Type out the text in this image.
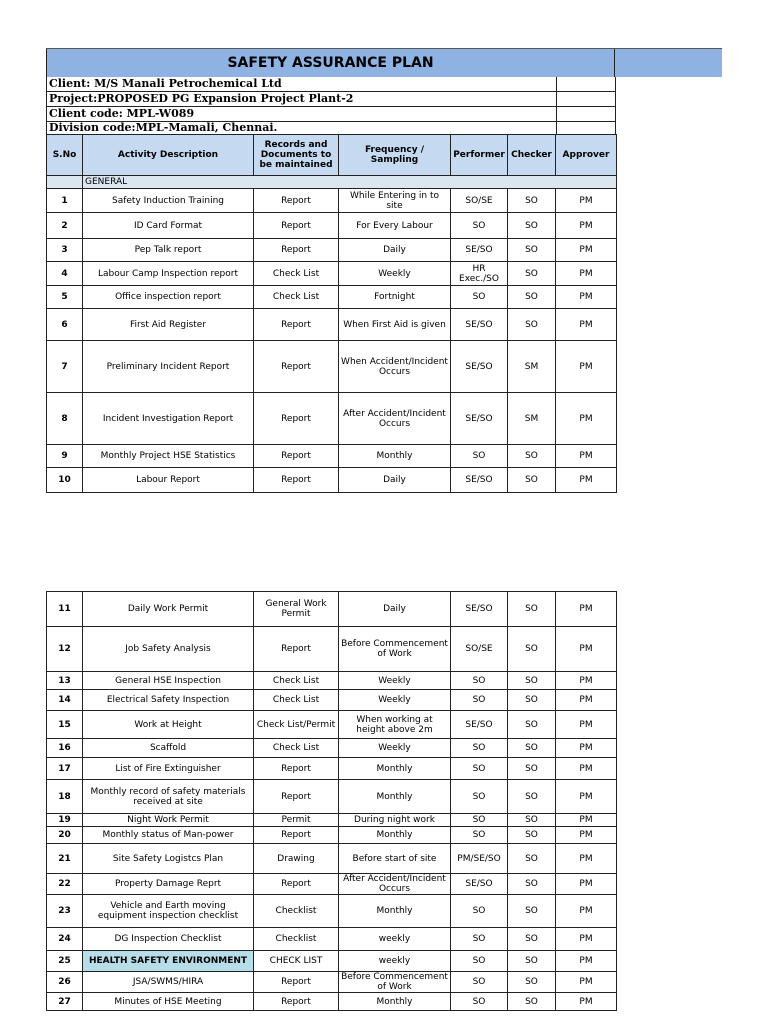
SAFETY ASSURANCE PLAN
Client: M/S Manali Petrochemical Ltd
Project:PROPOSED PG Expansion Project Plant-2
Client code: MPL-W089
Division code:MPL-Mamali, Chennai.
S.No	Activity Description	Records and Documents to be maintained	Frequency / Sampling	Performer	Checker	Approver
	GENERAL					
1	Safety Induction Training	Report	While Entering in to site	SO/SE	SO	PM
2	ID Card Format	Report	For Every Labour	SO	SO	PM
3	Pep Talk report	Report	Daily	SE/SO	SO	PM
4	Labour Camp Inspection report	Check List	Weekly	HR Exec./SO	SO	PM
5	Office inspection report	Check List	Fortnight	SO	SO	PM
6	First Aid Register	Report	When First Aid is given	SE/SO	SO	PM
7	Preliminary Incident Report	Report	When Accident/Incident Occurs	SE/SO	SM	PM
8	Incident Investigation Report	Report	After Accident/Incident Occurs	SE/SO	SM	PM
9	Monthly Project HSE Statistics	Report	Monthly	SO	SO	PM
10	Labour Report	Report	Daily	SE/SO	SO	PM
11	Daily Work Permit	General Work Permit	Daily	SE/SO	SO	PM
12	Job Safety Analysis	Report	Before Commencement of Work	SO/SE	SO	PM
13	General HSE Inspection	Check List	Weekly	SO	SO	PM
14	Electrical Safety Inspection	Check List	Weekly	SO	SO	PM
15	Work at Height	Check List/Permit	When working at height above 2m	SE/SO	SO	PM
16	Scaffold	Check List	Weekly	SO	SO	PM
17	List of Fire Extinguisher	Report	Monthly	SO	SO	PM
18	Monthly record of safety materials received at site	Report	Monthly	SO	SO	PM
19	Night Work Permit	Permit	During night work	SO	SO	PM
20	Monthly status of Man-power	Report	Monthly	SO	SO	PM
21	Site Safety Logistcs Plan	Drawing	Before start of site	PM/SE/SO	SO	PM
22	Property Damage Reprt	Report	After Accident/Incident Occurs	SE/SO	SO	PM
23	Vehicle and Earth moving equipment inspection checklist	Checklist	Monthly	SO	SO	PM
24	DG Inspection Checklist	Checklist	weekly	SO	SO	PM
25	HEALTH SAFETY ENVIRONMENT	CHECK LIST	weekly	SO	SO	PM
26	JSA/SWMS/HIRA	Report	Before Commencement of Work	SO	SO	PM
27	Minutes of HSE Meeting	Report	Monthly	SO	SO	PM
